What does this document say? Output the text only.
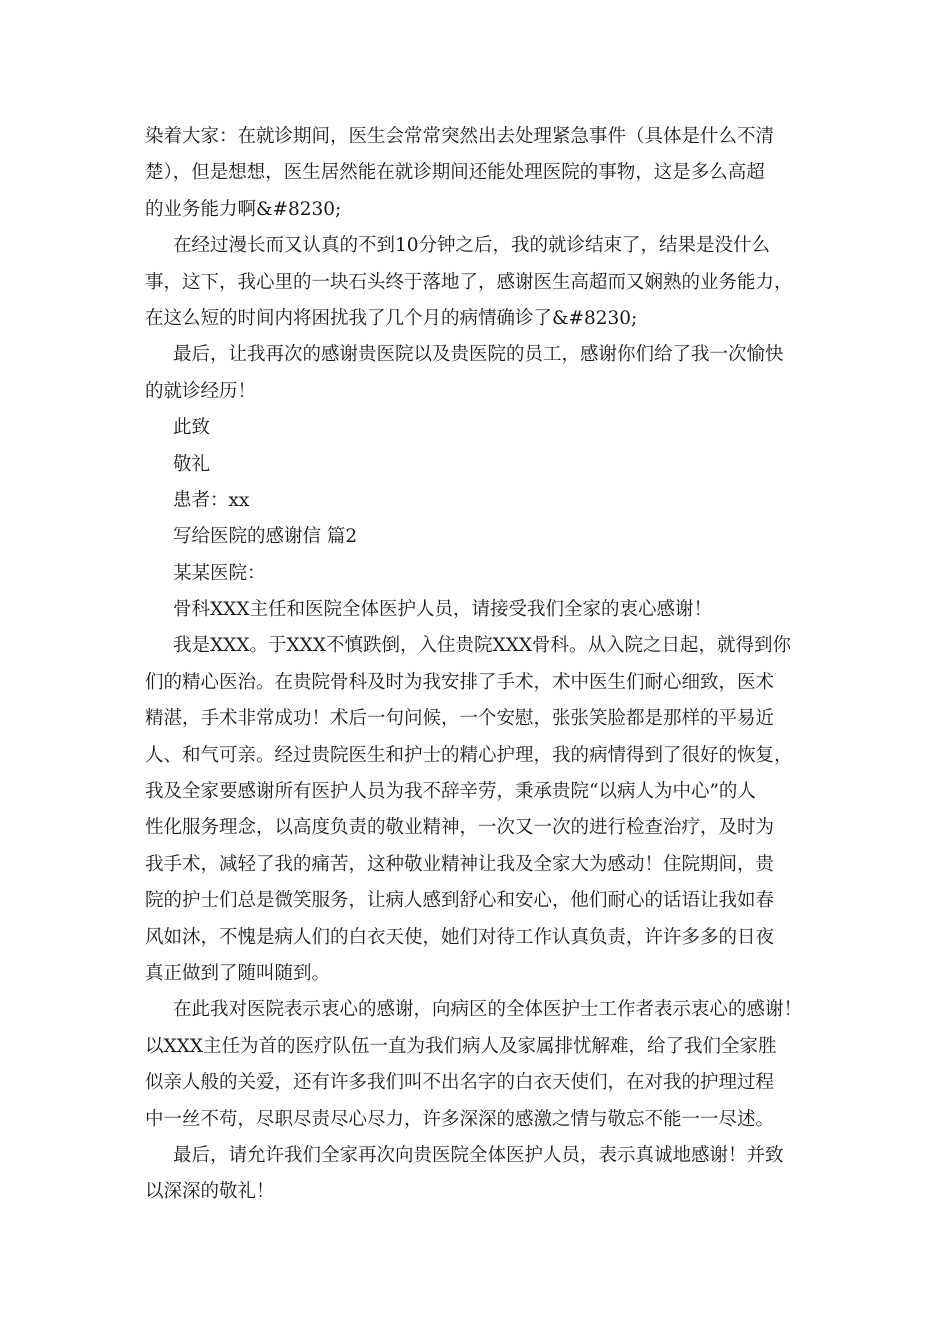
染着大家：在就诊期间，医生会常常突然出去处理紧急事件（具体是什么不清
楚），但是想想，医生居然能在就诊期间还能处理医院的事物，这是多么高超
的业务能力啊&#8230;
在经过漫长而又认真的不到10分钟之后，我的就诊结束了，结果是没什么
事，这下，我心里的一块石头终于落地了，感谢医生高超而又娴熟的业务能力，
在这么短的时间内将困扰我了几个月的病情确诊了&#8230;
最后，让我再次的感谢贵医院以及贵医院的员工，感谢你们给了我一次愉快
的就诊经历！
此致
敬礼
患者：xx
写给医院的感谢信 篇2
某某医院：
骨科XXX主任和医院全体医护人员，请接受我们全家的衷心感谢！
我是XXX。于XXX不慎跌倒，入住贵院XXX骨科。从入院之日起，就得到你
们的精心医治。在贵院骨科及时为我安排了手术，术中医生们耐心细致，医术
精湛，手术非常成功！术后一句问候，一个安慰，张张笑脸都是那样的平易近
人、和气可亲。经过贵院医生和护士的精心护理，我的病情得到了很好的恢复，
我及全家要感谢所有医护人员为我不辞辛劳，秉承贵院“以病人为中心”的人
性化服务理念，以高度负责的敬业精神，一次又一次的进行检查治疗，及时为
我手术，减轻了我的痛苦，这种敬业精神让我及全家大为感动！住院期间，贵
院的护士们总是微笑服务，让病人感到舒心和安心，他们耐心的话语让我如春
风如沐，不愧是病人们的白衣天使，她们对待工作认真负责，许许多多的日夜
真正做到了随叫随到。
在此我对医院表示衷心的感谢，向病区的全体医护士工作者表示衷心的感谢！
以XXX主任为首的医疗队伍一直为我们病人及家属排忧解难，给了我们全家胜
似亲人般的关爱，还有许多我们叫不出名字的白衣天使们，在对我的护理过程
中一丝不苟，尽职尽责尽心尽力，许多深深的感激之情与敬忘不能一一尽述。
最后，请允许我们全家再次向贵医院全体医护人员，表示真诚地感谢！并致
以深深的敬礼！
